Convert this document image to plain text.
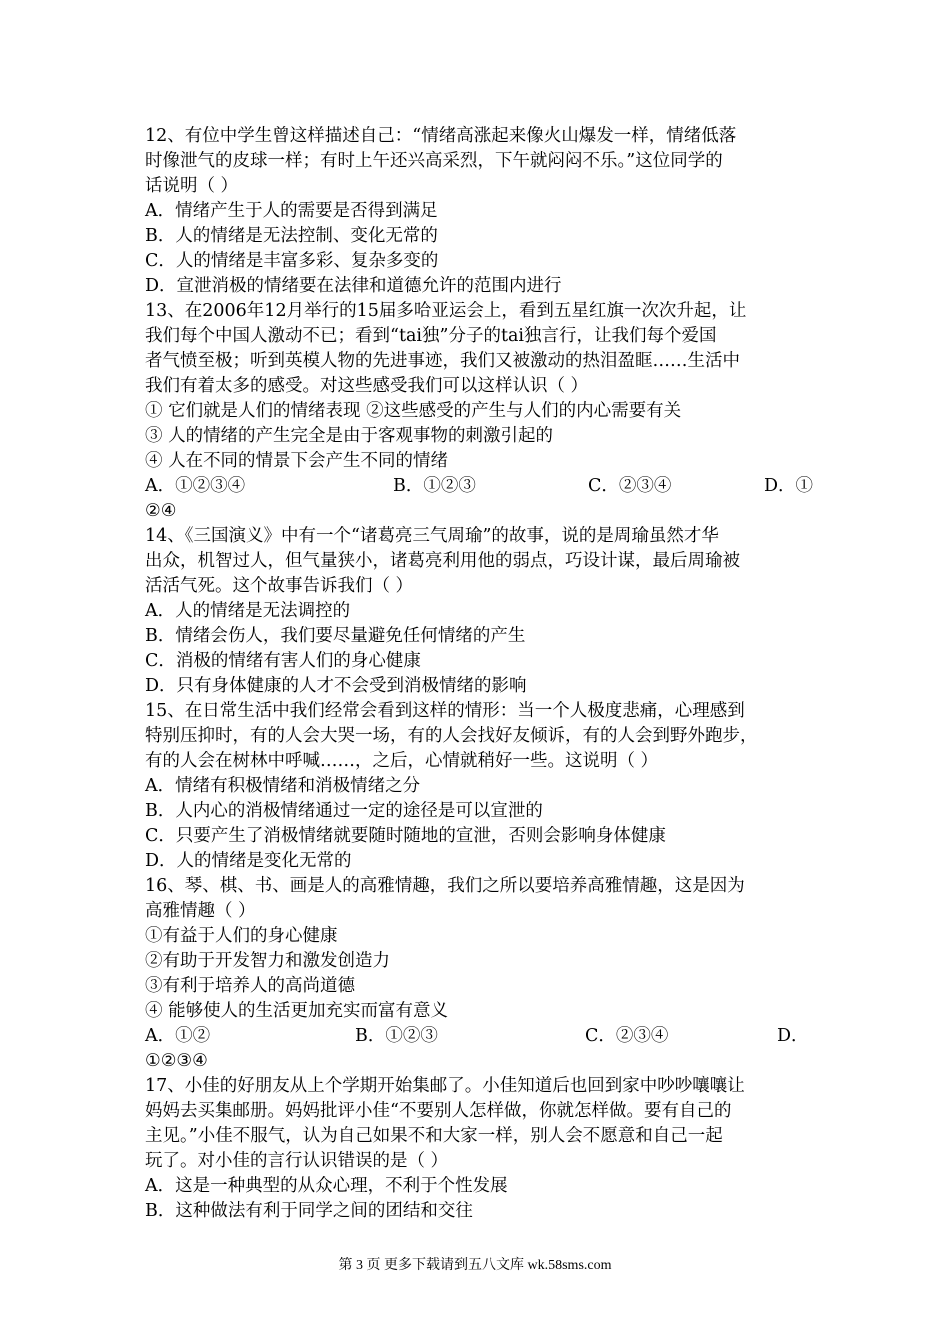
12、有位中学生曾这样描述自己：“情绪高涨起来像火山爆发一样，情绪低落
时像泄气的皮球一样；有时上午还兴高采烈，下午就闷闷不乐。”这位同学的
话说明（ ）
A．情绪产生于人的需要是否得到满足
B．人的情绪是无法控制、变化无常的
C．人的情绪是丰富多彩、复杂多变的
D．宣泄消极的情绪要在法律和道德允许的范围内进行
13、在2006年12月举行的15届多哈亚运会上，看到五星红旗一次次升起，让
我们每个中国人激动不已；看到“tai独”分子的tai独言行，让我们每个爱国
者气愤至极；听到英模人物的先进事迹，我们又被激动的热泪盈眶……生活中
我们有着太多的感受。对这些感受我们可以这样认识（ ）
① 它们就是人们的情绪表现 ②这些感受的产生与人们的内心需要有关
③ 人的情绪的产生完全是由于客观事物的刺激引起的
④ 人在不同的情景下会产生不同的情绪
A．①②③④	B．①②③	C．②③④	D．①
②④
14、《三国演义》中有一个“诸葛亮三气周瑜”的故事，说的是周瑜虽然才华
出众，机智过人，但气量狭小，诸葛亮利用他的弱点，巧设计谋，最后周瑜被
活活气死。这个故事告诉我们（ ）
A．人的情绪是无法调控的
B．情绪会伤人，我们要尽量避免任何情绪的产生
C．消极的情绪有害人们的身心健康
D．只有身体健康的人才不会受到消极情绪的影响
15、在日常生活中我们经常会看到这样的情形：当一个人极度悲痛，心理感到
特别压抑时，有的人会大哭一场，有的人会找好友倾诉，有的人会到野外跑步，
有的人会在树林中呼喊……，之后，心情就稍好一些。这说明（ ）
A．情绪有积极情绪和消极情绪之分
B．人内心的消极情绪通过一定的途径是可以宣泄的
C．只要产生了消极情绪就要随时随地的宣泄，否则会影响身体健康
D．人的情绪是变化无常的
16、琴、棋、书、画是人的高雅情趣，我们之所以要培养高雅情趣，这是因为
高雅情趣（ ）
①有益于人们的身心健康
②有助于开发智力和激发创造力
③有利于培养人的高尚道德
④ 能够使人的生活更加充实而富有意义
A．①②	B．①②③	C．②③④	D．
①②③④
17、小佳的好朋友从上个学期开始集邮了。小佳知道后也回到家中吵吵嚷嚷让
妈妈去买集邮册。妈妈批评小佳“不要别人怎样做，你就怎样做。要有自己的
主见。”小佳不服气，认为自己如果不和大家一样，别人会不愿意和自己一起
玩了。对小佳的言行认识错误的是（ ）
A．这是一种典型的从众心理，不利于个性发展
B．这种做法有利于同学之间的团结和交往
第 3 页 更多下载请到五八文库 wk.58sms.com
